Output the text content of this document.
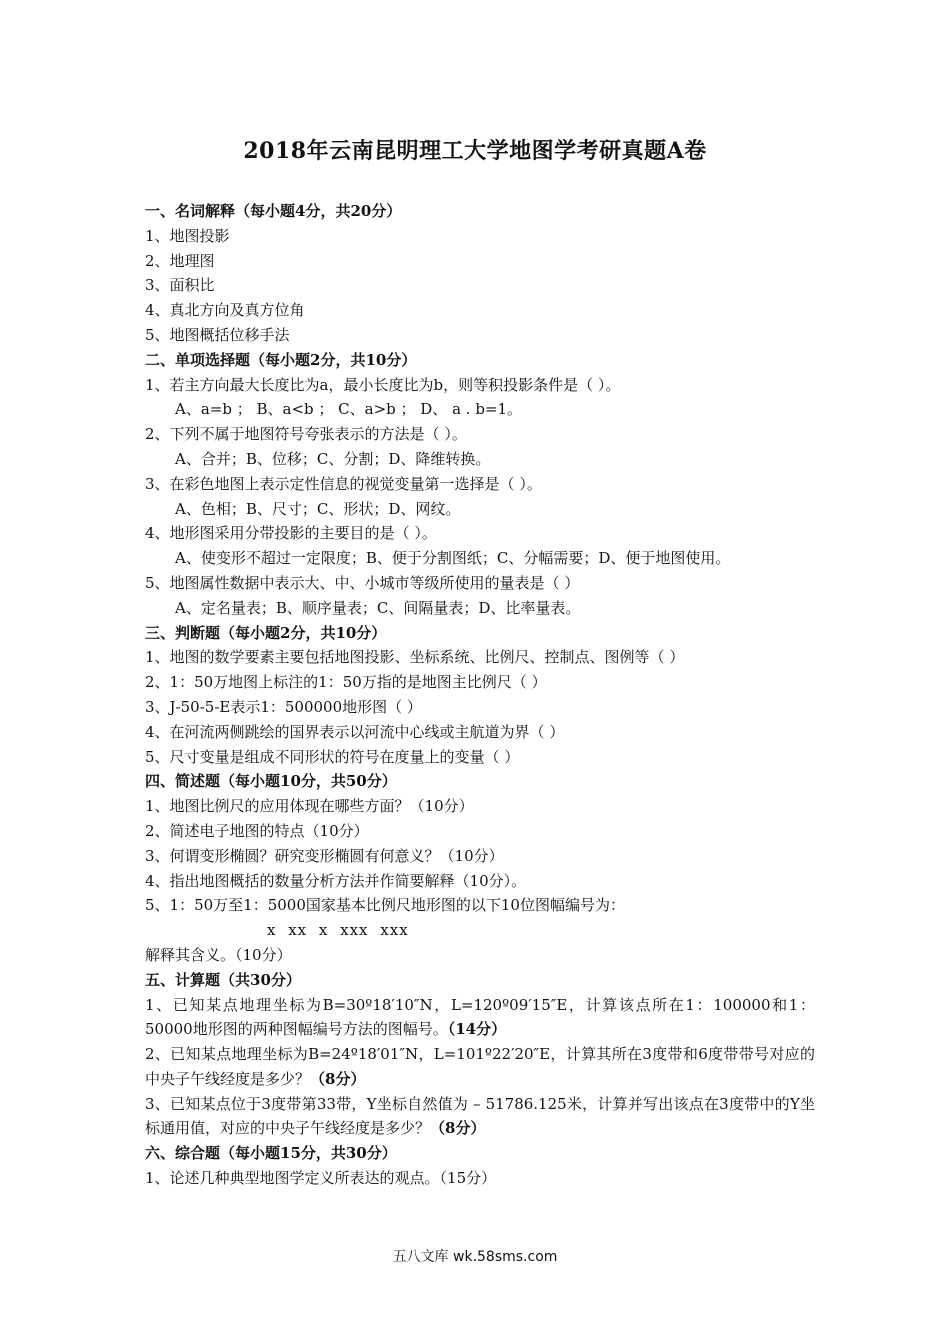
2018年云南昆明理工大学地图学考研真题A卷
一、名词解释（每小题4分，共20分）
1、地图投影
2、地理图
3、面积比
4、真北方向及真方位角
5、地图概括位移手法
二、单项选择题（每小题2分，共10分）
1、若主方向最大长度比为a，最小长度比为b，则等积投影条件是（ ）。
A、a=b ； B、a<b ； C、a>b ； D、 a . b=1。
2、下列不属于地图符号夸张表示的方法是（ ）。
A、合并；B、位移；C、分割；D、降维转换。
3、在彩色地图上表示定性信息的视觉变量第一选择是（ ）。
A、色相；B、尺寸；C、形状；D、网纹。
4、地形图采用分带投影的主要目的是（ ）。
A、使变形不超过一定限度；B、便于分割图纸；C、分幅需要；D、便于地图使用。
5、地图属性数据中表示大、中、小城市等级所使用的量表是（ ）
A、定名量表；B、顺序量表；C、间隔量表；D、比率量表。
三、判断题（每小题2分，共10分）
1、地图的数学要素主要包括地图投影、坐标系统、比例尺、控制点、图例等（ ）
2、1：50万地图上标注的1：50万指的是地图主比例尺（ ）
3、J-50-5-E表示1：500000地形图（ ）
4、在河流两侧跳绘的国界表示以河流中心线或主航道为界（ ）
5、尺寸变量是组成不同形状的符号在度量上的变量（ ）
四、简述题（每小题10分，共50分）
1、地图比例尺的应用体现在哪些方面？（10分）
2、简述电子地图的特点（10分）
3、何谓变形椭圆？研究变形椭圆有何意义？（10分）
4、指出地图概括的数量分析方法并作简要解释（10分）。
5、1：50万至1：5000国家基本比例尺地形图的以下10位图幅编号为：
x xx x xxx xxx
解释其含义。（10分）
五、计算题（共30分）
1、已知某点地理坐标为B=30º18′10″N，L=120º09′15″E，计算该点所在1：100000和1：50000地形图的两种图幅编号方法的图幅号。（14分）
2、已知某点地理坐标为B=24º18′01″N，L=101º22′20″E，计算其所在3度带和6度带带号对应的中央子午线经度是多少？（8分）
3、已知某点位于3度带第33带，Y坐标自然值为 – 51786.125米，计算并写出该点在3度带中的Y坐标通用值，对应的中央子午线经度是多少？（8分）
六、综合题（每小题15分，共30分）
1、论述几种典型地图学定义所表达的观点。（15分）
五八文库 wk.58sms.com
